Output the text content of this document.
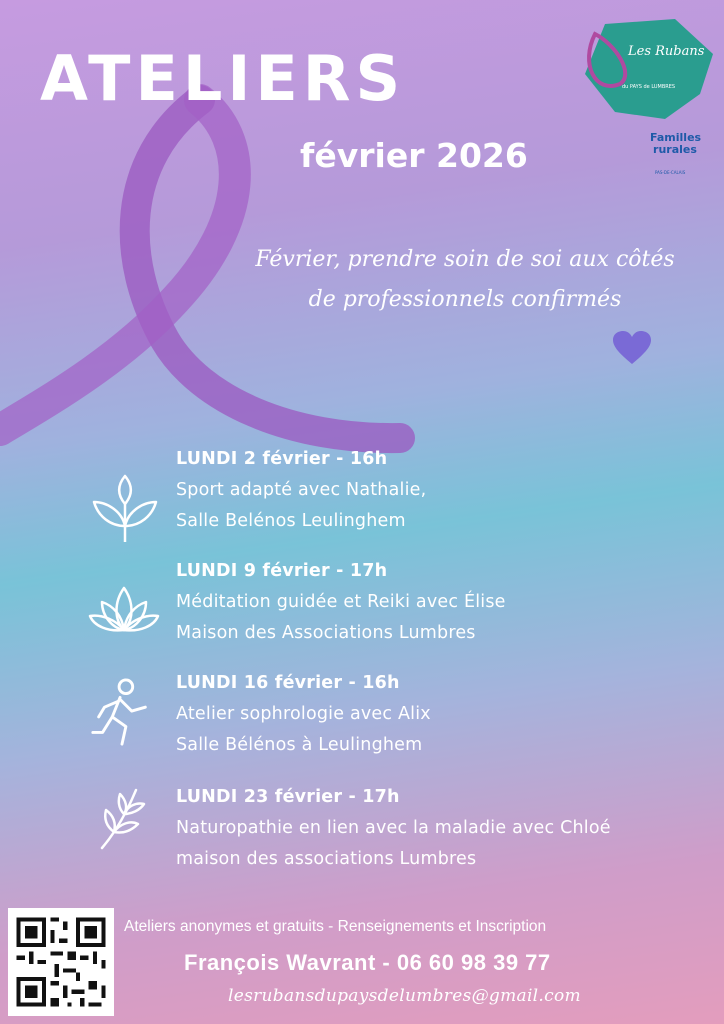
Les Rubans
du PAYS de LUMBRES
Familles
rurales
PAS-DE-CALAIS
ATELIERS
février 2026
Février, prendre soin de soi aux côtés
de professionnels confirmés
LUNDI 2 février - 16h
Sport adapté avec Nathalie,
Salle Belénos Leulinghem
LUNDI 9 février - 17h
Méditation guidée et Reiki avec Élise
Maison des Associations Lumbres
LUNDI 16 février - 16h
Atelier sophrologie avec Alix
Salle Bélénos à Leulinghem
LUNDI 23 février - 17h
Naturopathie en lien avec la maladie avec Chloé
maison des associations Lumbres
Ateliers anonymes et gratuits - Renseignements et Inscription
François Wavrant - 06 60 98 39 77
lesrubansdupaysdelumbres@gmail.com
